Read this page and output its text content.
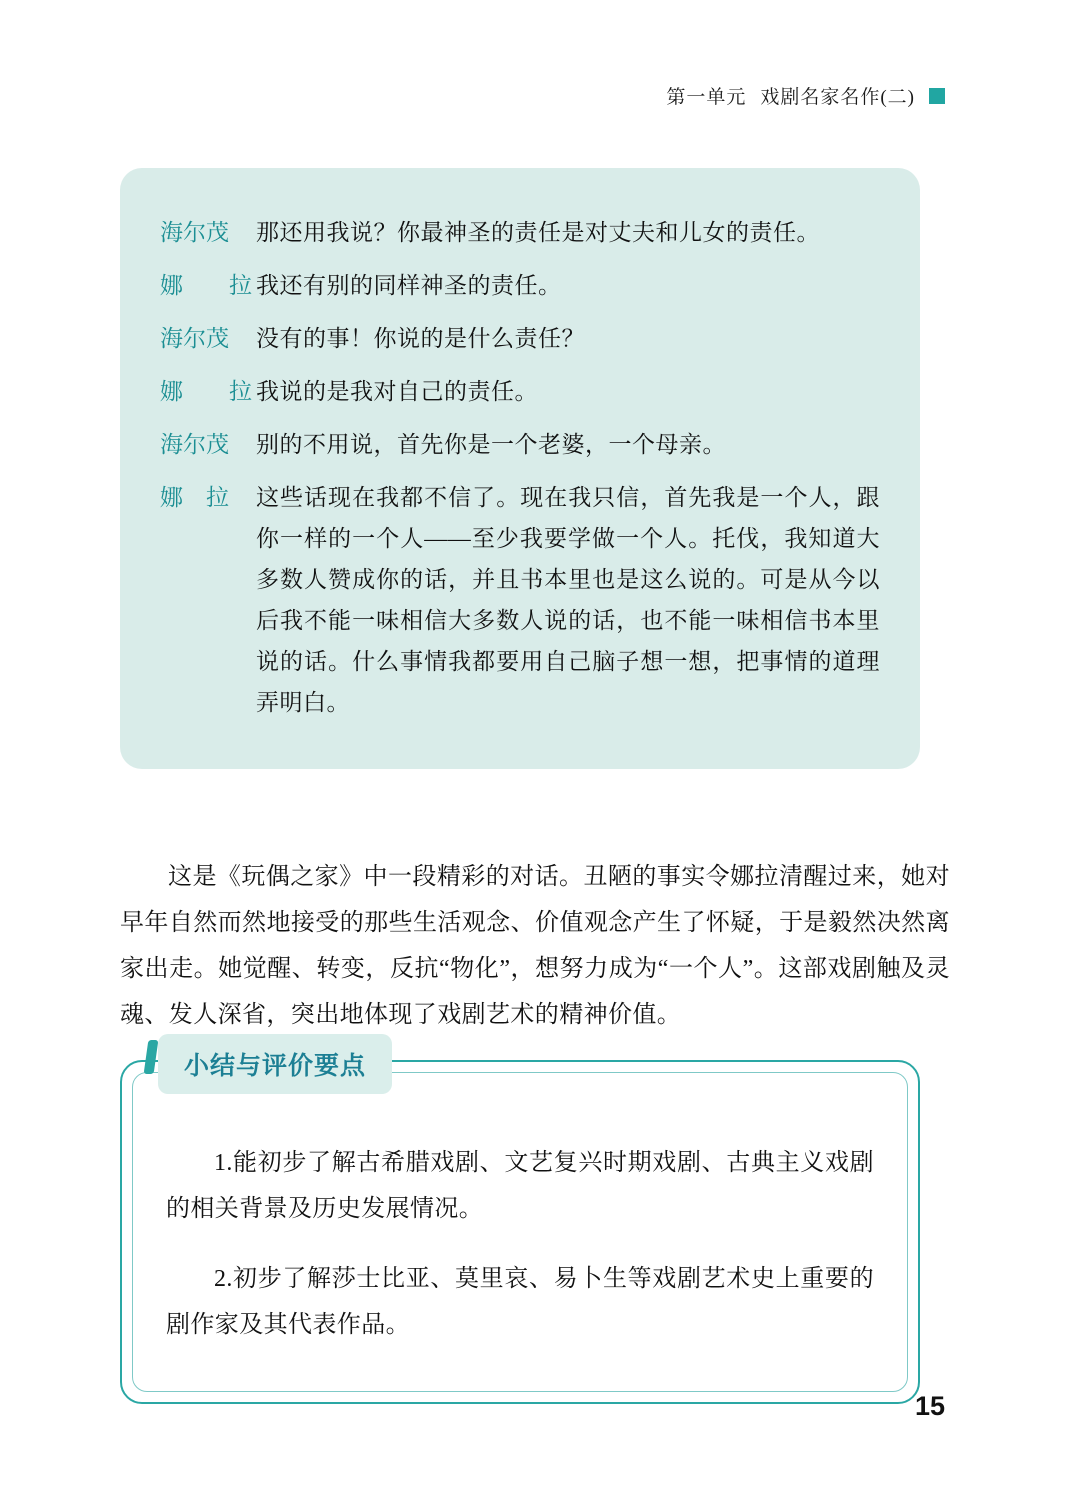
第一单元 戏剧名家名作(二)
海尔茂	那还用我说？你最神圣的责任是对丈夫和儿女的责任。
娜　　拉 我还有别的同样神圣的责任。
海尔茂	没有的事！你说的是什么责任？
娜　　拉 我说的是我对自己的责任。
海尔茂	别的不用说，首先你是一个老婆，一个母亲。
娜　拉	这些话现在我都不信了。现在我只信，首先我是一个人，跟你一样的一个人——至少我要学做一个人。托伐，我知道大多数人赞成你的话，并且书本里也是这么说的。可是从今以后我不能一味相信大多数人说的话，也不能一味相信书本里说的话。什么事情我都要用自己脑子想一想，把事情的道理弄明白。

这是《玩偶之家》中一段精彩的对话。丑陋的事实令娜拉清醒过来，她对早年自然而然地接受的那些生活观念、价值观念产生了怀疑，于是毅然决然离家出走。她觉醒、转变，反抗“物化”，想努力成为“一个人”。这部戏剧触及灵魂、发人深省，突出地体现了戏剧艺术的精神价值。

小结与评价要点

1.能初步了解古希腊戏剧、文艺复兴时期戏剧、古典主义戏剧的相关背景及历史发展情况。

2.初步了解莎士比亚、莫里哀、易卜生等戏剧艺术史上重要的剧作家及其代表作品。

15
